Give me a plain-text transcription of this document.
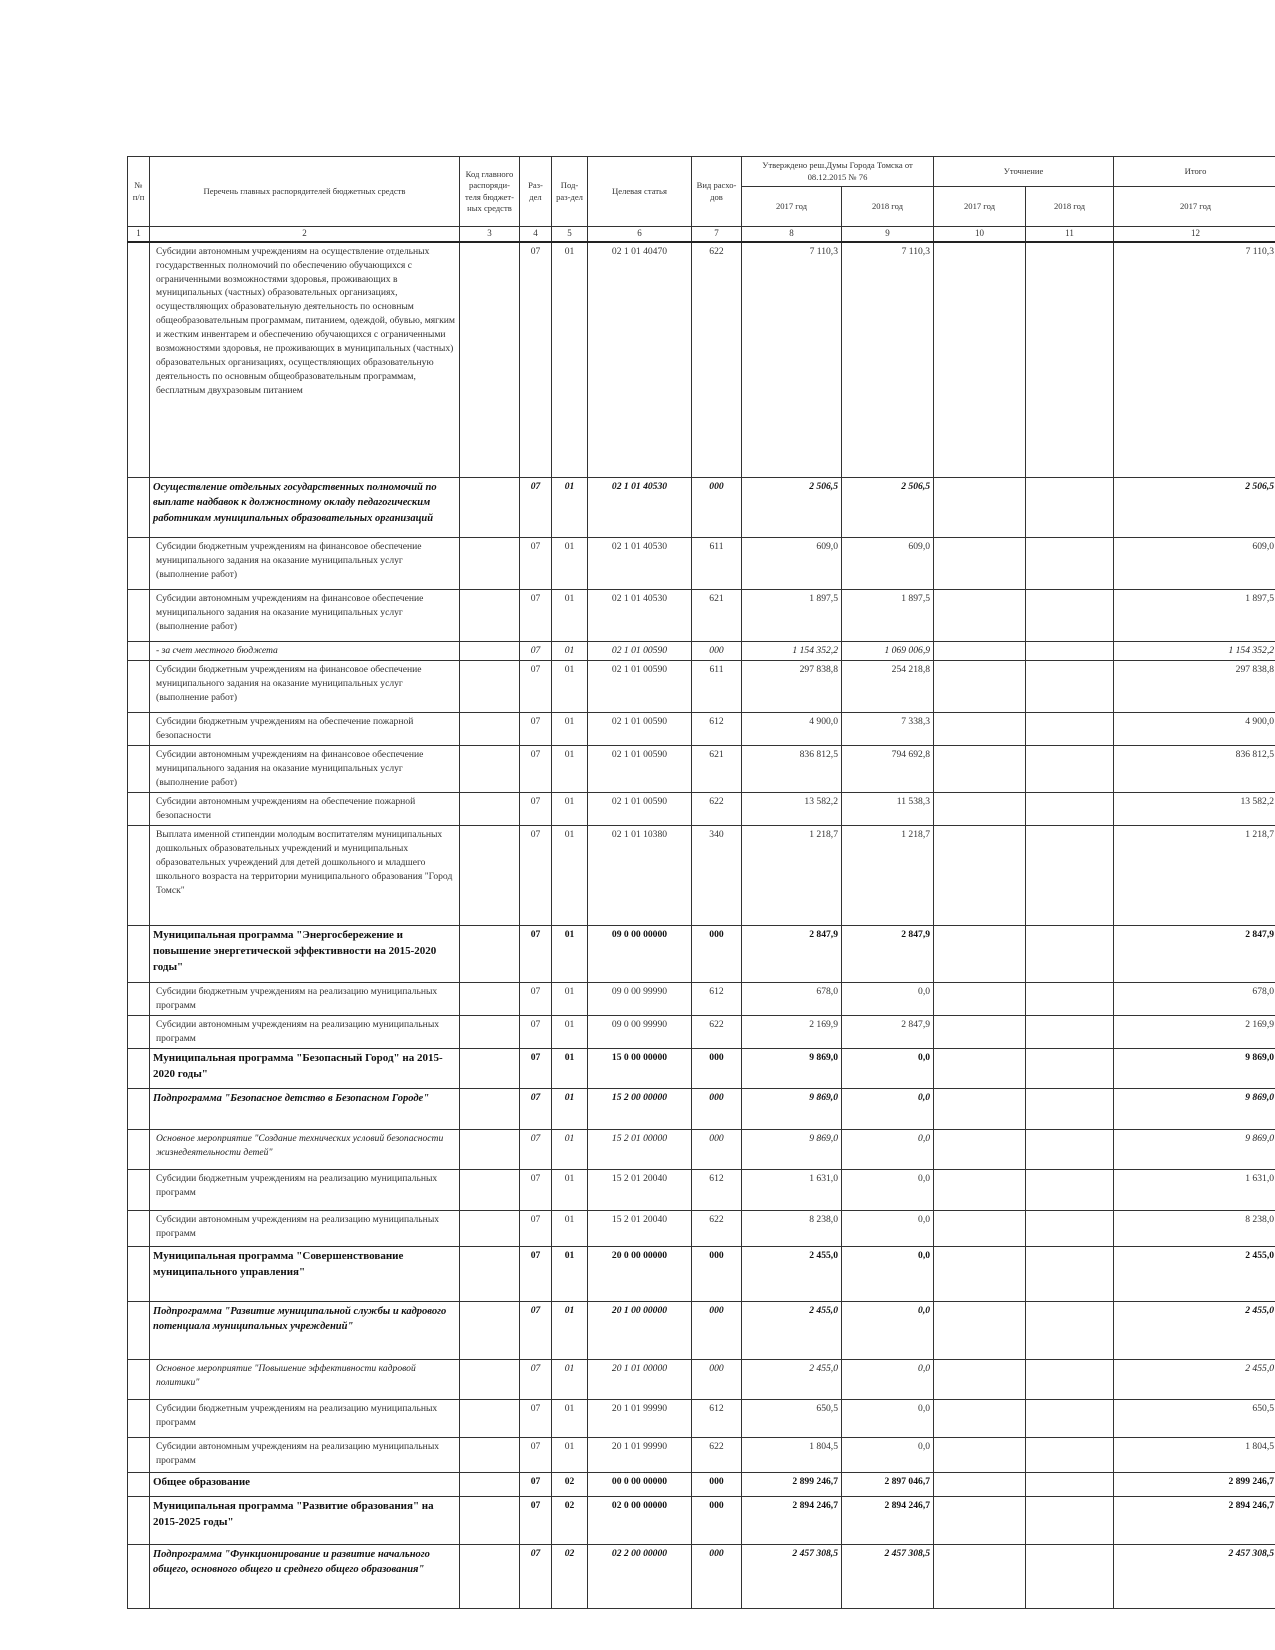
№ п/п	Перечень главных распорядителей бюджетных средств	Код главного распоряди-теля бюджет-ных средств	Раз-дел	Под-раз-дел	Целевая статья	Вид расхо-дов	Утверждено реш.Думы Города Томска от 08.12.2015 № 76		Уточнение		Итого
							2017 год	2018 год	2017 год	2018 год	2017 год
1	2	3	4	5	6	7	8	9	10	11	12
	Субсидии автономным учреждениям на осуществление отдельных государственных полномочий по обеспечению обучающихся с ограниченными возможностями здоровья, проживающих в муниципальных (частных) образовательных организациях, осуществляющих образовательную деятельность по основным общеобразовательным программам, питанием, одеждой, обувью, мягким и жестким инвентарем и обеспечению обучающихся с ограниченными возможностями здоровья, не проживающих в муниципальных (частных) образовательных организациях, осуществляющих образовательную деятельность по основным общеобразовательным программам, бесплатным двухразовым питанием		07	01	02 1 01 40470	622	7 110,3	7 110,3			7 110,3
	Осуществление отдельных государственных полномочий по выплате надбавок к должностному окладу педагогическим работникам муниципальных образовательных организаций		07	01	02 1 01 40530	000	2 506,5	2 506,5			2 506,5
	Субсидии бюджетным учреждениям на финансовое обеспечение муниципального задания на оказание муниципальных услуг (выполнение работ)		07	01	02 1 01 40530	611	609,0	609,0			609,0
	Субсидии автономным учреждениям на финансовое обеспечение муниципального задания на оказание муниципальных услуг (выполнение работ)		07	01	02 1 01 40530	621	1 897,5	1 897,5			1 897,5
	- за счет местного бюджета		07	01	02 1 01 00590	000	1 154 352,2	1 069 006,9			1 154 352,2
	Субсидии бюджетным учреждениям на финансовое обеспечение муниципального задания на оказание муниципальных услуг (выполнение работ)		07	01	02 1 01 00590	611	297 838,8	254 218,8			297 838,8
	Субсидии бюджетным учреждениям на обеспечение пожарной безопасности		07	01	02 1 01 00590	612	4 900,0	7 338,3			4 900,0
	Субсидии автономным учреждениям на финансовое обеспечение муниципального задания на оказание муниципальных услуг (выполнение работ)		07	01	02 1 01 00590	621	836 812,5	794 692,8			836 812,5
	Субсидии автономным учреждениям на обеспечение пожарной безопасности		07	01	02 1 01 00590	622	13 582,2	11 538,3			13 582,2
	Выплата именной стипендии молодым воспитателям муниципальных дошкольных образовательных учреждений и муниципальных образовательных учреждений для детей дошкольного и младшего школьного возраста на территории муниципального образования "Город Томск"		07	01	02 1 01 10380	340	1 218,7	1 218,7			1 218,7
	Муниципальная программа "Энергосбережение и повышение энергетической эффективности на 2015-2020 годы"		07	01	09 0 00 00000	000	2 847,9	2 847,9			2 847,9
	Субсидии бюджетным учреждениям на реализацию муниципальных программ		07	01	09 0 00 99990	612	678,0	0,0			678,0
	Субсидии автономным учреждениям на реализацию муниципальных программ		07	01	09 0 00 99990	622	2 169,9	2 847,9			2 169,9
	Муниципальная программа "Безопасный Город" на 2015-2020 годы"		07	01	15 0 00 00000	000	9 869,0	0,0			9 869,0
	Подпрограмма "Безопасное детство в Безопасном Городе"		07	01	15 2 00 00000	000	9 869,0	0,0			9 869,0
	Основное мероприятие "Создание технических условий безопасности жизнедеятельности детей"		07	01	15 2 01 00000	000	9 869,0	0,0			9 869,0
	Субсидии бюджетным учреждениям на реализацию муниципальных программ		07	01	15 2 01 20040	612	1 631,0	0,0			1 631,0
	Субсидии автономным учреждениям на реализацию муниципальных программ		07	01	15 2 01 20040	622	8 238,0	0,0			8 238,0
	Муниципальная программа "Совершенствование муниципального управления"		07	01	20 0 00 00000	000	2 455,0	0,0			2 455,0
	Подпрограмма "Развитие муниципальной службы и кадрового потенциала муниципальных учреждений"		07	01	20 1 00 00000	000	2 455,0	0,0			2 455,0
	Основное мероприятие "Повышение эффективности кадровой политики"		07	01	20 1 01 00000	000	2 455,0	0,0			2 455,0
	Субсидии бюджетным учреждениям на реализацию муниципальных программ		07	01	20 1 01 99990	612	650,5	0,0			650,5
	Субсидии автономным учреждениям на реализацию муниципальных программ		07	01	20 1 01 99990	622	1 804,5	0,0			1 804,5
	Общее образование		07	02	00 0 00 00000	000	2 899 246,7	2 897 046,7			2 899 246,7
	Муниципальная программа "Развитие образования" на 2015-2025 годы"		07	02	02 0 00 00000	000	2 894 246,7	2 894 246,7			2 894 246,7
	Подпрограмма "Функционирование и развитие начального общего, основного общего и среднего общего образования"		07	02	02 2 00 00000	000	2 457 308,5	2 457 308,5			2 457 308,5
